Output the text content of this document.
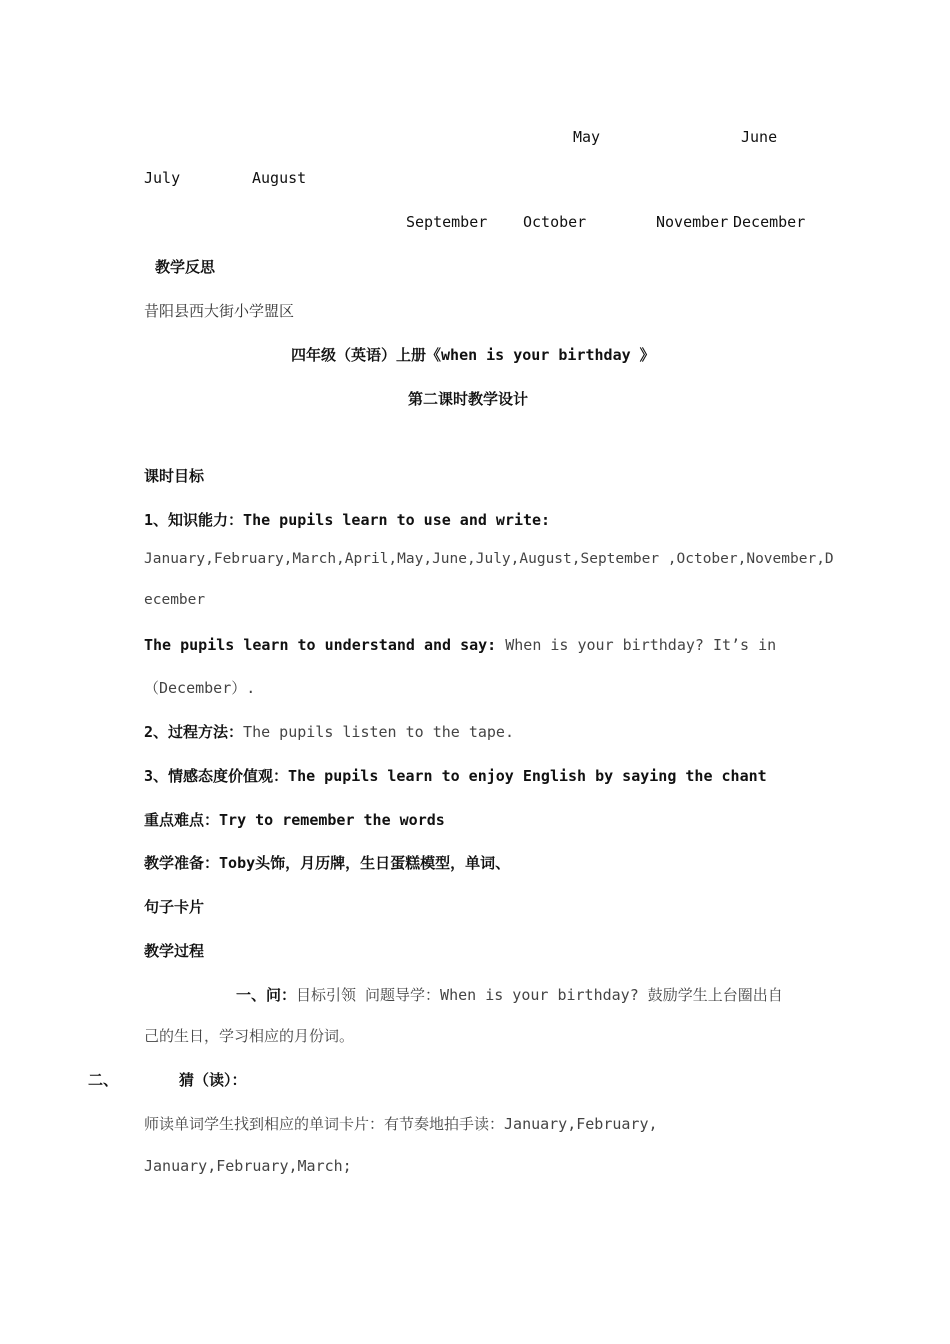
May	June
July	August
September October	November December
教学反思
昔阳县西大街小学盟区
四年级（英语）上册《when is your birthday 》
第二课时教学设计
课时目标
1、知识能力：The pupils learn to use and write:
January,February,March,April,May,June,July,August,September ,October,November,D
ecember
The pupils learn to understand and say: When is your birthday? It’s in
（December）.
2、过程方法：The pupils listen to the tape.
3、情感态度价值观：The pupils learn to enjoy English by saying the chant
重点难点：Try to remember the words
教学准备：Toby头饰，月历牌，生日蛋糕模型，单词、
句子卡片
教学过程
一、问：目标引领 问题导学：When is your birthday? 鼓励学生上台圈出自
己的生日，学习相应的月份词。
二、	猜（读）：
师读单词学生找到相应的单词卡片：有节奏地拍手读：January,February,
January,February,March;
